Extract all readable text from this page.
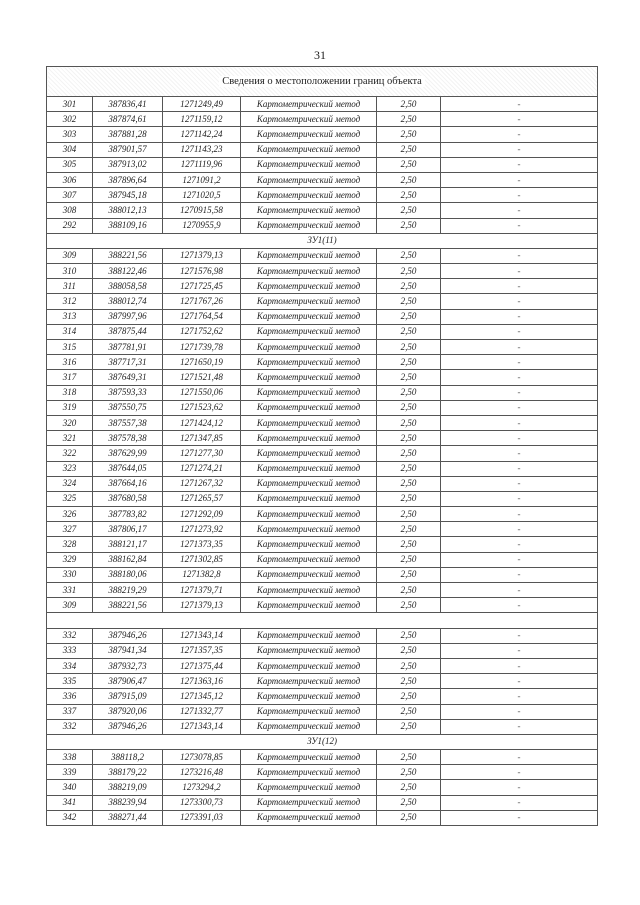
31
Сведения о местоположении границ объекта					
301	387836,41	1271249,49	Картометрический метод	2,50	-
302	387874,61	1271159,12	Картометрический метод	2,50	-
303	387881,28	1271142,24	Картометрический метод	2,50	-
304	387901,57	1271143,23	Картометрический метод	2,50	-
305	387913,02	1271119,96	Картометрический метод	2,50	-
306	387896,64	1271091,2	Картометрический метод	2,50	-
307	387945,18	1271020,5	Картометрический метод	2,50	-
308	388012,13	1270915,58	Картометрический метод	2,50	-
292	388109,16	1270955,9	Картометрический метод	2,50	-
ЗУ1(11)					
309	388221,56	1271379,13	Картометрический метод	2,50	-
310	388122,46	1271576,98	Картометрический метод	2,50	-
311	388058,58	1271725,45	Картометрический метод	2,50	-
312	388012,74	1271767,26	Картометрический метод	2,50	-
313	387997,96	1271764,54	Картометрический метод	2,50	-
314	387875,44	1271752,62	Картометрический метод	2,50	-
315	387781,91	1271739,78	Картометрический метод	2,50	-
316	387717,31	1271650,19	Картометрический метод	2,50	-
317	387649,31	1271521,48	Картометрический метод	2,50	-
318	387593,33	1271550,06	Картометрический метод	2,50	-
319	387550,75	1271523,62	Картометрический метод	2,50	-
320	387557,38	1271424,12	Картометрический метод	2,50	-
321	387578,38	1271347,85	Картометрический метод	2,50	-
322	387629,99	1271277,30	Картометрический метод	2,50	-
323	387644,05	1271274,21	Картометрический метод	2,50	-
324	387664,16	1271267,32	Картометрический метод	2,50	-
325	387680,58	1271265,57	Картометрический метод	2,50	-
326	387783,82	1271292,09	Картометрический метод	2,50	-
327	387806,17	1271273,92	Картометрический метод	2,50	-
328	388121,17	1271373,35	Картометрический метод	2,50	-
329	388162,84	1271302,85	Картометрический метод	2,50	-
330	388180,06	1271382,8	Картометрический метод	2,50	-
331	388219,29	1271379,71	Картометрический метод	2,50	-
309	388221,56	1271379,13	Картометрический метод	2,50	-

332	387946,26	1271343,14	Картометрический метод	2,50	-
333	387941,34	1271357,35	Картометрический метод	2,50	-
334	387932,73	1271375,44	Картометрический метод	2,50	-
335	387906,47	1271363,16	Картометрический метод	2,50	-
336	387915,09	1271345,12	Картометрический метод	2,50	-
337	387920,06	1271332,77	Картометрический метод	2,50	-
332	387946,26	1271343,14	Картометрический метод	2,50	-
ЗУ1(12)					
338	388118,2	1273078,85	Картометрический метод	2,50	-
339	388179,22	1273216,48	Картометрический метод	2,50	-
340	388219,09	1273294,2	Картометрический метод	2,50	-
341	388239,94	1273300,73	Картометрический метод	2,50	-
342	388271,44	1273391,03	Картометрический метод	2,50	-
